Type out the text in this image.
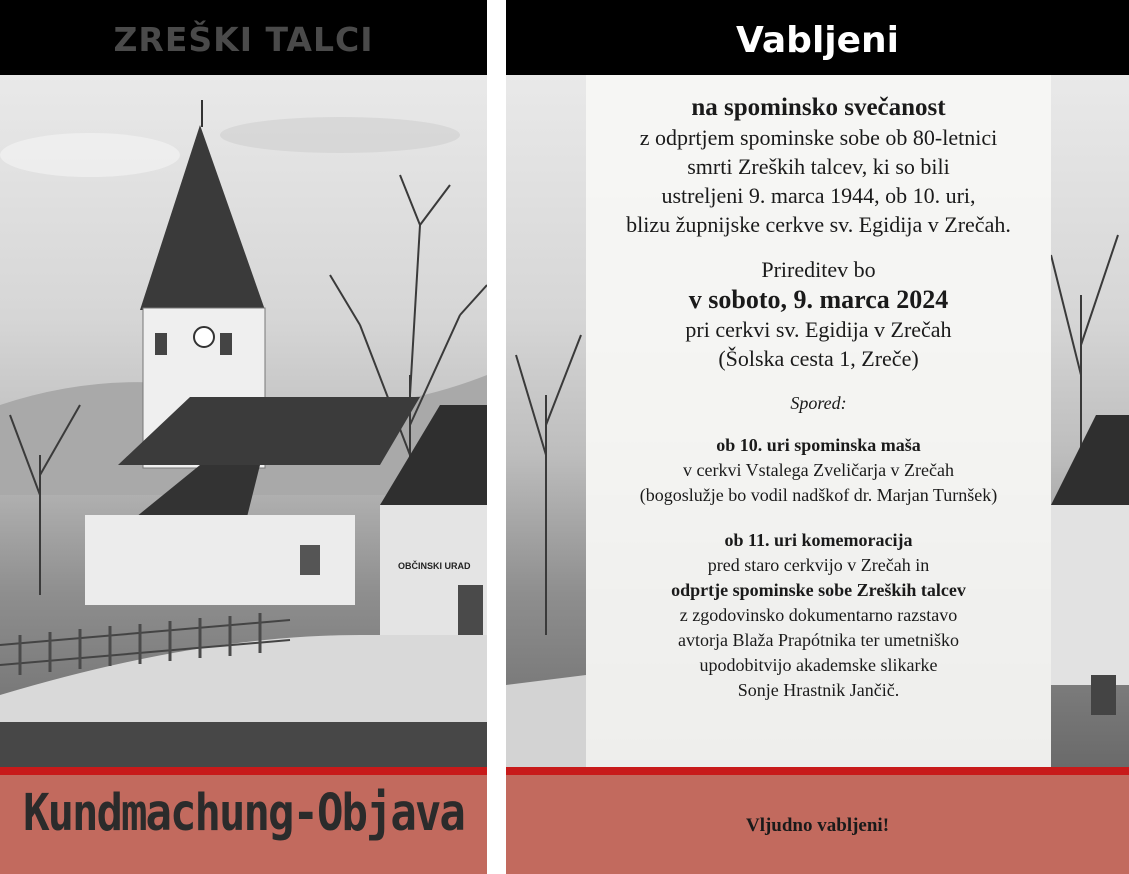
ZREŠKI TALCI
OBČINSKI URAD
Kundmachung-Objava
Vabljeni

na spominsko svečanost

z odprtjem spominske sobe ob 80-letnici

smrti Zreških talcev, ki so bili

ustreljeni 9. marca 1944, ob 10. uri,

blizu župnijske cerkve sv. Egidija v Zrečah.

Prireditev bo

v soboto, 9. marca 2024

pri cerkvi sv. Egidija v Zrečah

(Šolska cesta 1, Zreče)

Spored:

ob 10. uri spominska maša

v cerkvi Vstalega Zveličarja v Zrečah

(bogoslužje bo vodil nadškof dr. Marjan Turnšek)

ob 11. uri komemoracija

pred staro cerkvijo v Zrečah in

odprtje spominske sobe Zreških talcev

z zgodovinsko dokumentarno razstavo

avtorja Blaža Prapótnika ter umetniško

upodobitvijo akademske slikarke

Sonje Hrastnik Jančič.

Vljudno vabljeni!
